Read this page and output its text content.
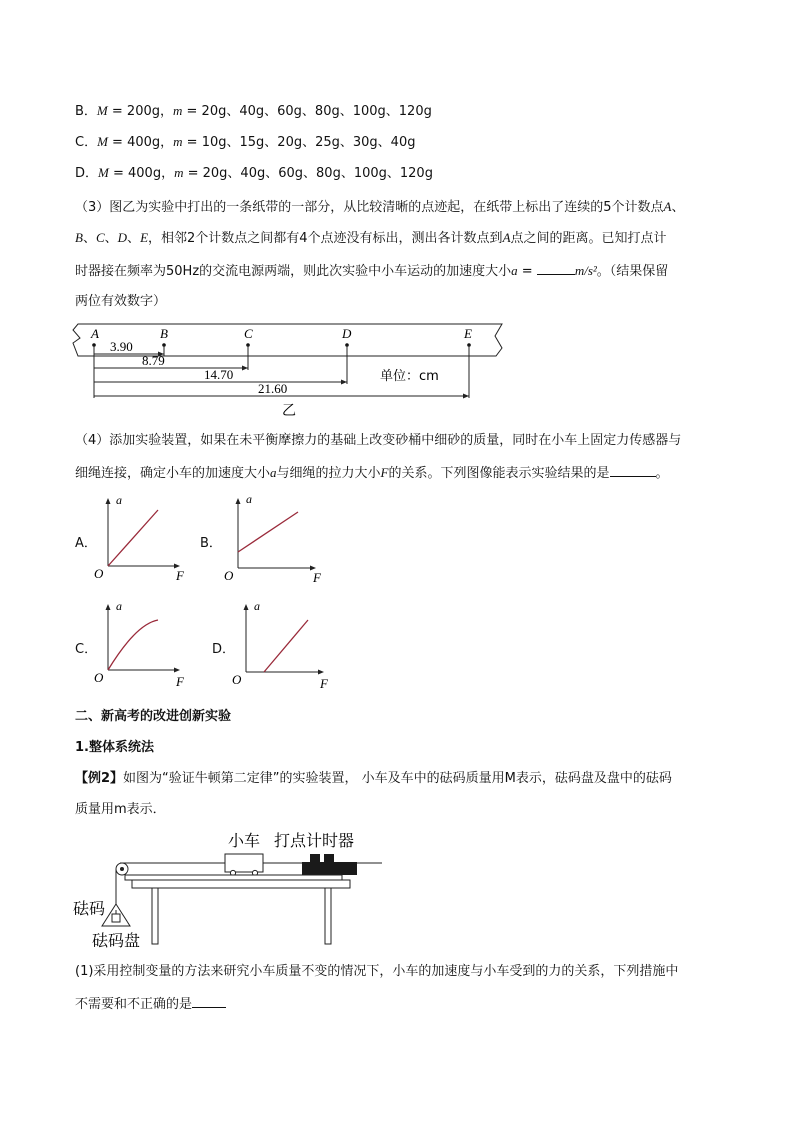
B．M = 200g，m = 20g、40g、60g、80g、100g、120g
C．M = 400g，m = 10g、15g、20g、25g、30g、40g
D．M = 400g，m = 20g、40g、60g、80g、100g、120g
（3）图乙为实验中打出的一条纸带的一部分，从比较清晰的点迹起，在纸带上标出了连续的5个计数点A、
B、C、D、E，相邻2个计数点之间都有4个点迹没有标出，测出各计数点到A点之间的距离。已知打点计
时器接在频率为50Hz的交流电源两端，则此次实验中小车运动的加速度大小a =	m/s²。（结果保留
两位有效数字）
A	B	C	D	E
3.90
8.79
14.70
21.60
单位：cm
乙
（4）添加实验装置，如果在未平衡摩擦力的基础上改变砂桶中细砂的质量，同时在小车上固定力传感器与
细绳连接，确定小车的加速度大小a与细绳的拉力大小F的关系。下列图像能表示实验结果的是	。
A．
a
F
O
B．
a
F
O
C．
a
F
O
D．
a
F
O
二、新高考的改进创新实验
1.整体系统法
【例2】如图为“验证牛顿第二定律”的实验装置， 小车及车中的砝码质量用M表示，砝码盘及盘中的砝码
质量用m表示．
小车 打点计时器
砝码
砝码盘
(1)采用控制变量的方法来研究小车质量不变的情况下，小车的加速度与小车受到的力的关系，下列措施中
不需要和不正确的是
